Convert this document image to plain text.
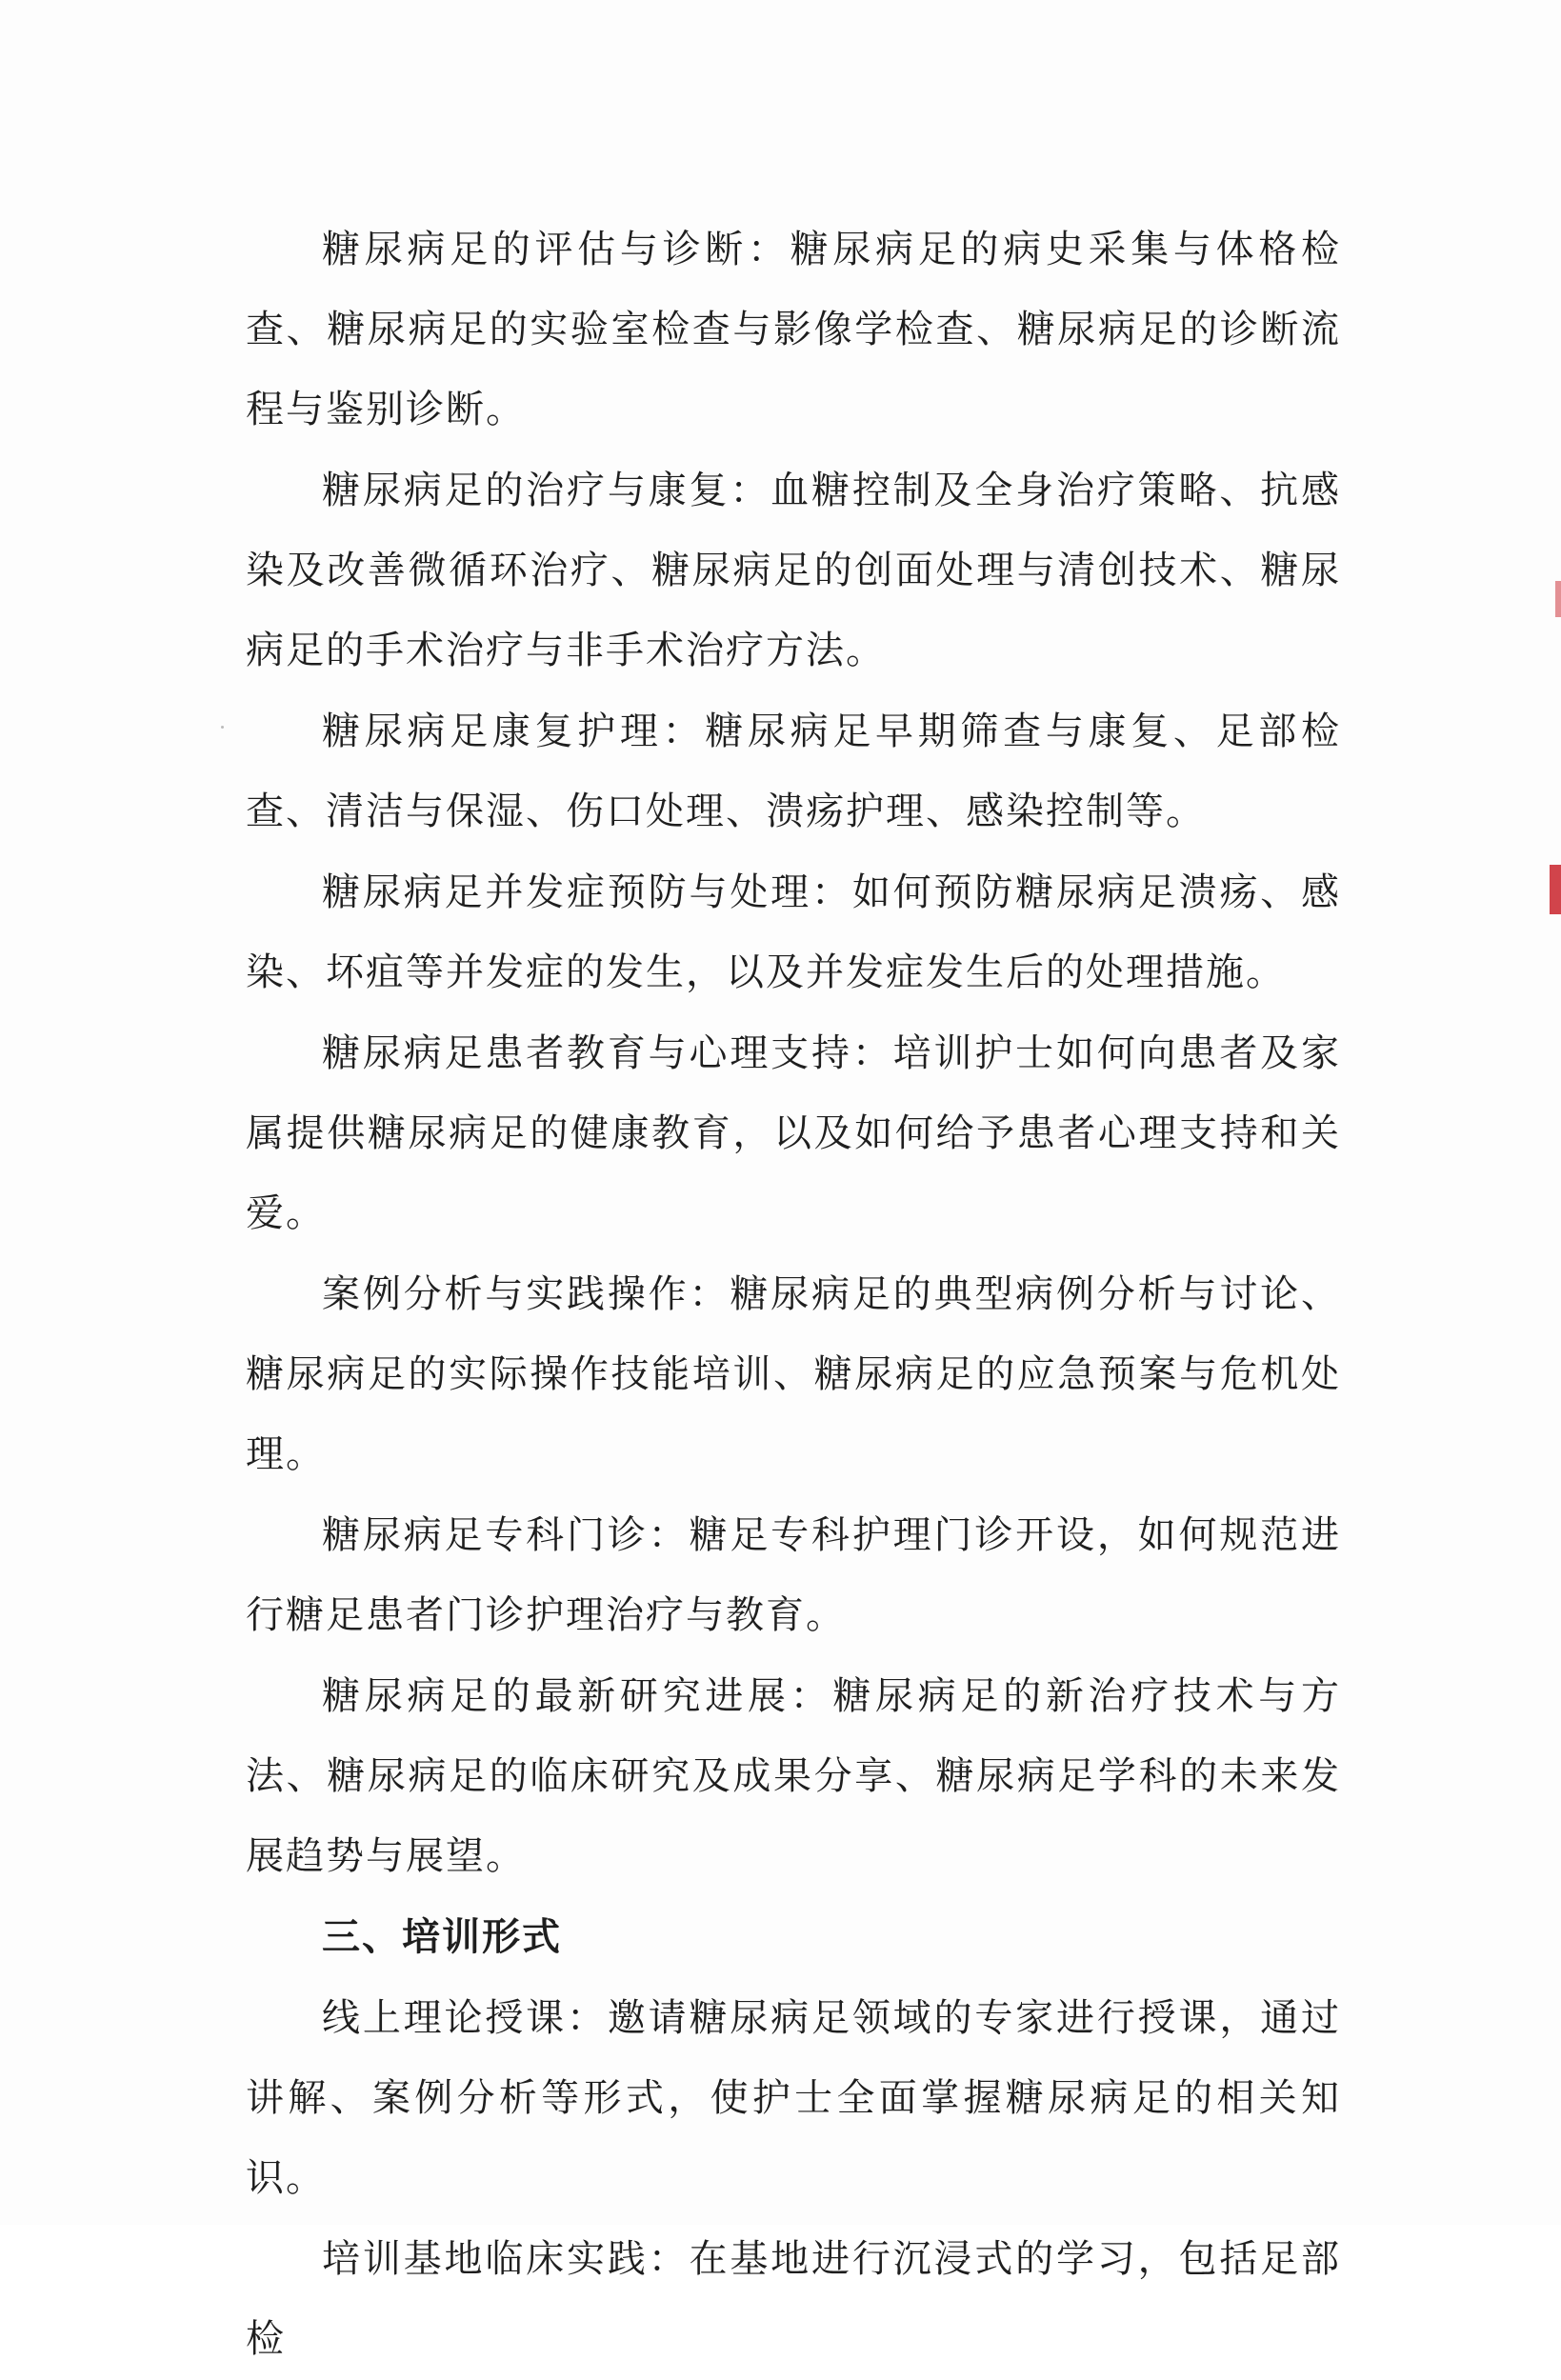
糖尿病足的评估与诊断：糖尿病足的病史采集与体格检查、糖尿病足的实验室检查与影像学检查、糖尿病足的诊断流程与鉴别诊断。

糖尿病足的治疗与康复：血糖控制及全身治疗策略、抗感染及改善微循环治疗、糖尿病足的创面处理与清创技术、糖尿病足的手术治疗与非手术治疗方法。

糖尿病足康复护理：糖尿病足早期筛查与康复、足部检查、清洁与保湿、伤口处理、溃疡护理、感染控制等。

糖尿病足并发症预防与处理：如何预防糖尿病足溃疡、感染、坏疽等并发症的发生，以及并发症发生后的处理措施。

糖尿病足患者教育与心理支持：培训护士如何向患者及家属提供糖尿病足的健康教育，以及如何给予患者心理支持和关爱。

案例分析与实践操作：糖尿病足的典型病例分析与讨论、糖尿病足的实际操作技能培训、糖尿病足的应急预案与危机处理。

糖尿病足专科门诊：糖足专科护理门诊开设，如何规范进行糖足患者门诊护理治疗与教育。

糖尿病足的最新研究进展：糖尿病足的新治疗技术与方法、糖尿病足的临床研究及成果分享、糖尿病足学科的未来发展趋势与展望。

三、培训形式

线上理论授课：邀请糖尿病足领域的专家进行授课，通过讲解、案例分析等形式，使护士全面掌握糖尿病足的相关知识。

培训基地临床实践：在基地进行沉浸式的学习，包括足部检
